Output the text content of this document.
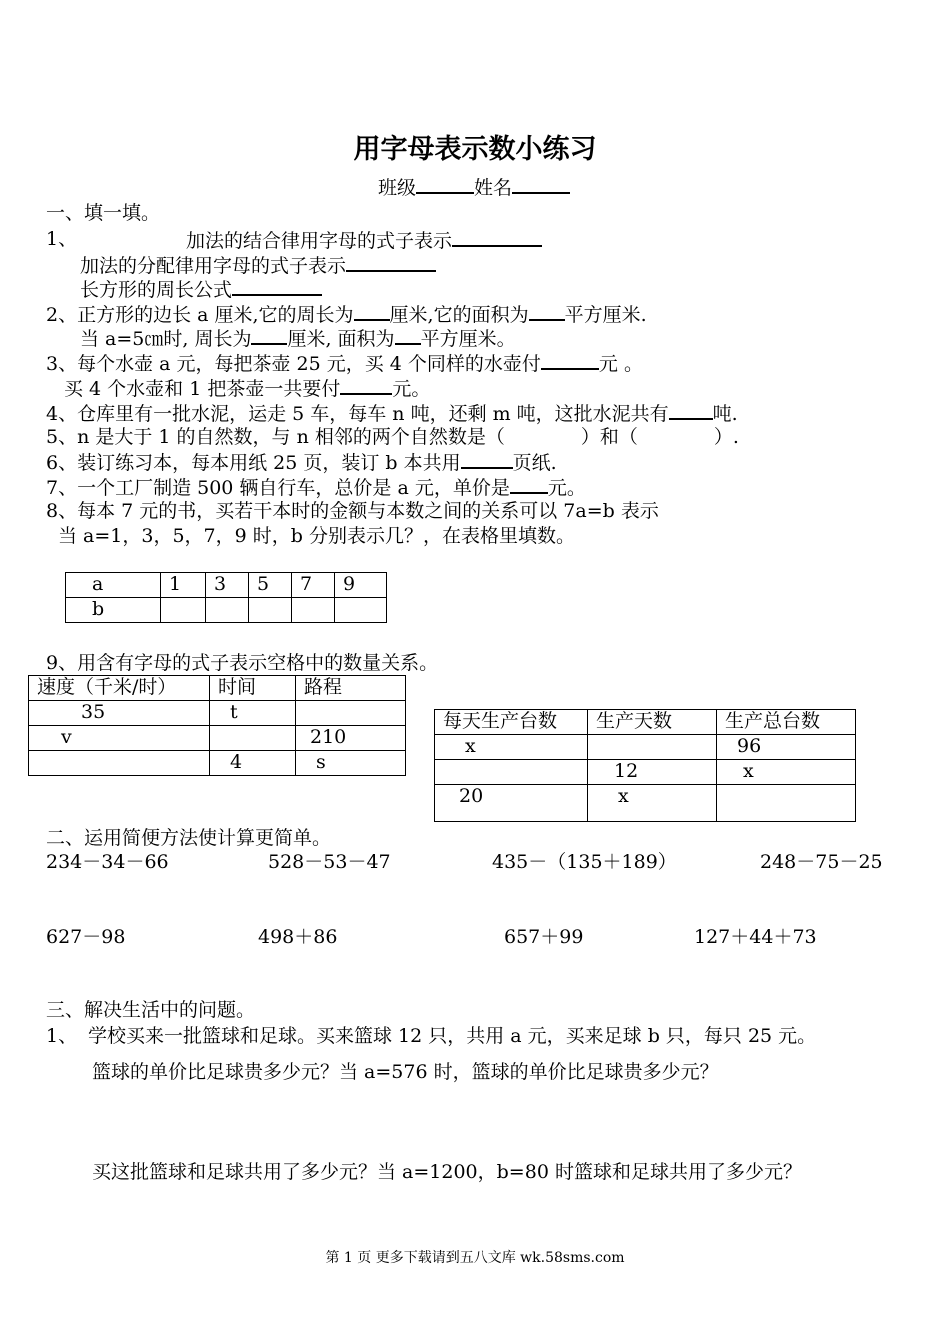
用字母表示数小练习
班级	姓名
一、填一填。
1、	加法的结合律用字母的式子表示
加法的分配律用字母的式子表示
长方形的周长公式
2、正方形的边长 a 厘米,它的周长为 厘米,它的面积为 平方厘米.
当 a=5㎝时, 周长为 厘米, 面积为 平方厘米。
3、每个水壶 a 元，每把茶壶 25 元，买 4 个同样的水壶付	元 。
买 4 个水壶和 1 把茶壶一共要付	元。
4、仓库里有一批水泥，运走 5 车，每车 n 吨，还剩 m 吨，这批水泥共有 吨.
5、n 是大于 1 的自然数，与 n 相邻的两个自然数是（　　　　）和（　　　　）.
6、装订练习本，每本用纸 25 页，装订 b 本共用	页纸.
7、一个工厂制造 500 辆自行车，总价是 a 元，单价是 元。
8、每本 7 元的书，买若干本时的金额与本数之间的关系可以 7a=b 表示
当 a=1，3，5，7，9 时，b 分别表示几？，在表格里填数。
a	1	3	5	7	9
b					
9、用含有字母的式子表示空格中的数量关系。
速度（千米/时）	时间	路程
35	t	
v		210
	4	s
每天生产台数	生产天数	生产总台数
x		96
	12	x
20	x	
二、运用简便方法使计算更简单。
234－34－66	528－53－47	435－（135＋189）	248－75－25
627－98	498＋86	657＋99	127＋44＋73
三、解决生活中的问题。
1、 学校买来一批篮球和足球。买来篮球 12 只，共用 a 元，买来足球 b 只，每只 25 元。
篮球的单价比足球贵多少元？当 a=576 时，篮球的单价比足球贵多少元？
买这批篮球和足球共用了多少元？当 a=1200，b=80 时篮球和足球共用了多少元？
第 1 页 更多下载请到五八文库 wk.58sms.com
